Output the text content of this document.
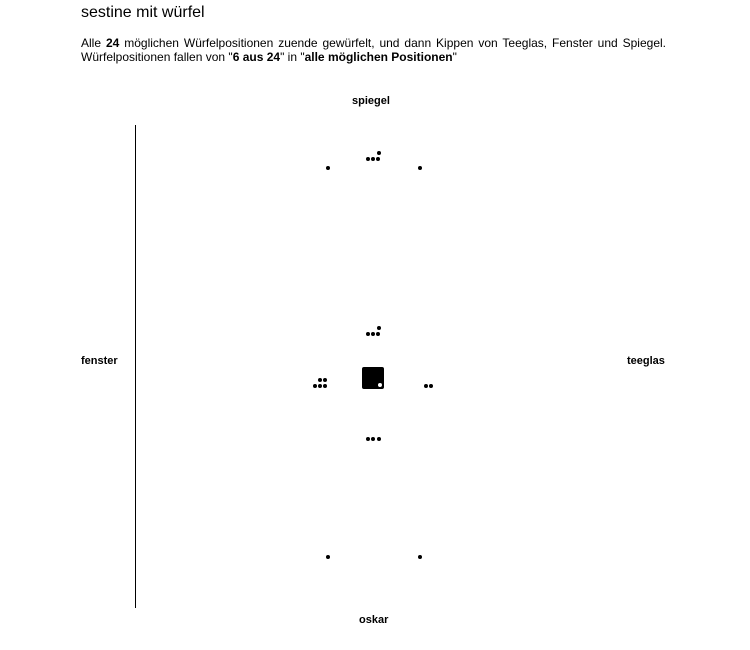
sestine mit würfel
Alle 24 möglichen Würfelpositionen zuende gewürfelt, und dann Kippen von Teeglas, Fenster und Spiegel. Würfelpositionen fallen von "6 aus 24" in "alle möglichen Positionen"
spiegel
fenster	teeglas
oskar
